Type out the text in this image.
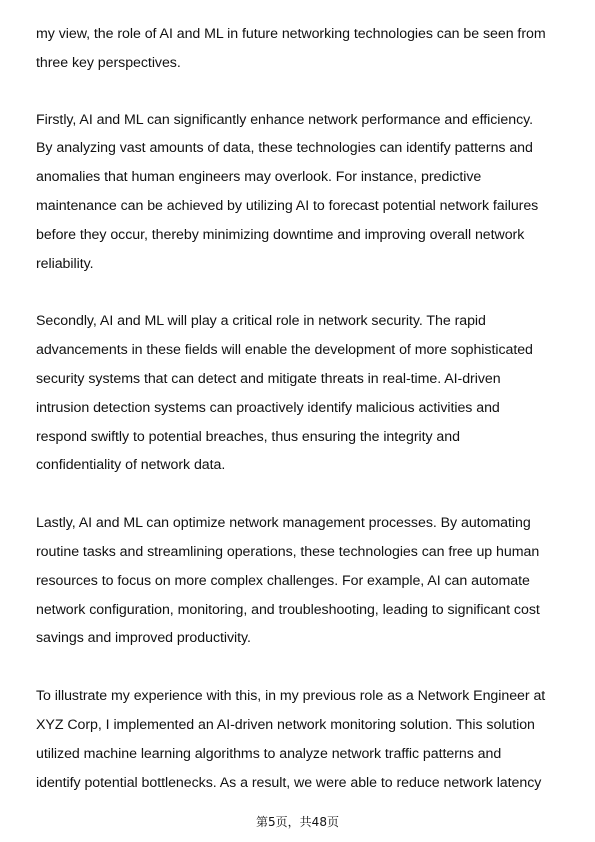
my view, the role of AI and ML in future networking technologies can be seen from
three key perspectives.

Firstly, AI and ML can significantly enhance network performance and efficiency.
By analyzing vast amounts of data, these technologies can identify patterns and
anomalies that human engineers may overlook. For instance, predictive
maintenance can be achieved by utilizing AI to forecast potential network failures
before they occur, thereby minimizing downtime and improving overall network
reliability.

Secondly, AI and ML will play a critical role in network security. The rapid
advancements in these fields will enable the development of more sophisticated
security systems that can detect and mitigate threats in real-time. AI-driven
intrusion detection systems can proactively identify malicious activities and
respond swiftly to potential breaches, thus ensuring the integrity and
confidentiality of network data.

Lastly, AI and ML can optimize network management processes. By automating
routine tasks and streamlining operations, these technologies can free up human
resources to focus on more complex challenges. For example, AI can automate
network configuration, monitoring, and troubleshooting, leading to significant cost
savings and improved productivity.

To illustrate my experience with this, in my previous role as a Network Engineer at
XYZ Corp, I implemented an AI-driven network monitoring solution. This solution
utilized machine learning algorithms to analyze network traffic patterns and
identify potential bottlenecks. As a result, we were able to reduce network latency

第5页，共48页
